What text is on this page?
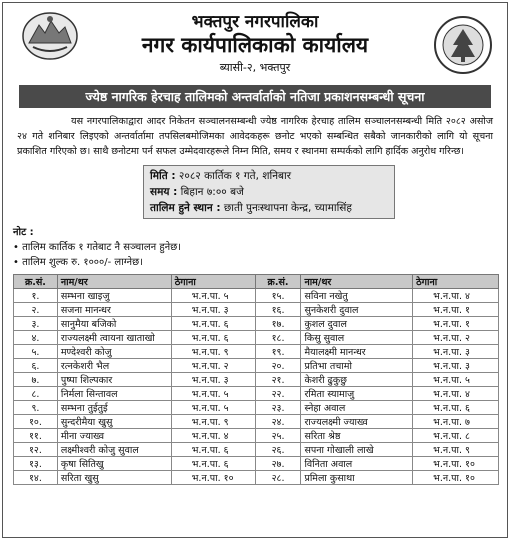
भक्तपुर नगरपालिका
नगर कार्यपालिकाको कार्यालय
ब्यासी-२, भक्तपुर
ज्येष्ठ नागरिक हेरचाह तालिमको अन्तर्वार्ताको नतिजा प्रकाशनसम्बन्धी सूचना
यस नगरपालिकाद्वारा आदर निकेतन सञ्चालनसम्बन्धी ज्येष्ठ नागरिक हेरचाह तालिम सञ्चालनसम्बन्धी मिति २०८२ असोज २४ गते शनिबार लिइएको अन्तर्वार्तामा तपसिलबमोजिमका आवेदकहरू छनोट भएको सम्बन्धित सबैको जानकारीको लागि यो सूचना प्रकाशित गरिएको छ। साथै छनोटमा पर्न सफल उम्मेदवारहरूले निम्न मिति, समय र स्थानमा सम्पर्कको लागि हार्दिक अनुरोध गरिन्छ।
मिति : २०८२ कार्तिक १ गते, शनिबार
समय : बिहान ७:०० बजे
तालिम हुने स्थान : छाती पुनःस्थापना केन्द्र, च्यामासिंह
नोट :
• तालिम कार्तिक १ गतेबाट नै सञ्चालन हुनेछ।
• तालिम शुल्क रु. १०००/- लाग्नेछ।
क्र.सं.	नाम/थर	ठेगाना	क्र.सं.	नाम/थर	ठेगाना
१.	सम्भना खाइजु	भ.न.पा. ५	१५.	सविना नखेतु	भ.न.पा. ४
२.	सजना मानन्धर	भ.न.पा. ३	१६.	सुनकेशरी दुवाल	भ.न.पा. १
३.	सानुमैया बजिको	भ.न.पा. ६	१७.	कुशल दुवाल	भ.न.पा. १
४.	राज्यलक्ष्मी त्वायना खाताखो	भ.न.पा. ६	१८.	किसु सुवाल	भ.न.पा. २
५.	मण्देश्वरी कोजु	भ.न.पा. ९	१९.	मैयालक्ष्मी मानन्धर	भ.न.पा. ३
६.	रत्नकेशरी भैल	भ.न.पा. २	२०.	प्रतिभा तचामो	भ.न.पा. ३
७.	पुष्पा शिल्पकार	भ.न.पा. ३	२१.	केशरी ढुकुछु	भ.न.पा. ५
८.	निर्मला सिन्तावल	भ.न.पा. ५	२२.	रमिता स्यामाजु	भ.न.पा. ४
९.	सम्भना तुईतुई	भ.न.पा. ५	२३.	स्नेहा अवाल	भ.न.पा. ६
१०.	सुन्दरीमैया खुसु	भ.न.पा. ९	२४.	राज्यलक्ष्मी ज्याख्व	भ.न.पा. ७
११.	मीना ज्याख्व	भ.न.पा. ४	२५.	सरिता श्रेष्ठ	भ.न.पा. ८
१२.	लक्ष्मीश्वरी कोजु सुवाल	भ.न.पा. ६	२६.	सपना गोखाली लाखे	भ.न.पा. ९
१३.	कृषा सितिखु	भ.न.पा. ६	२७.	विनिता अवाल	भ.न.पा. १०
१४.	सरिता खुसु	भ.न.पा. १०	२८.	प्रमिला कुसाथा	भ.न.पा. १०
